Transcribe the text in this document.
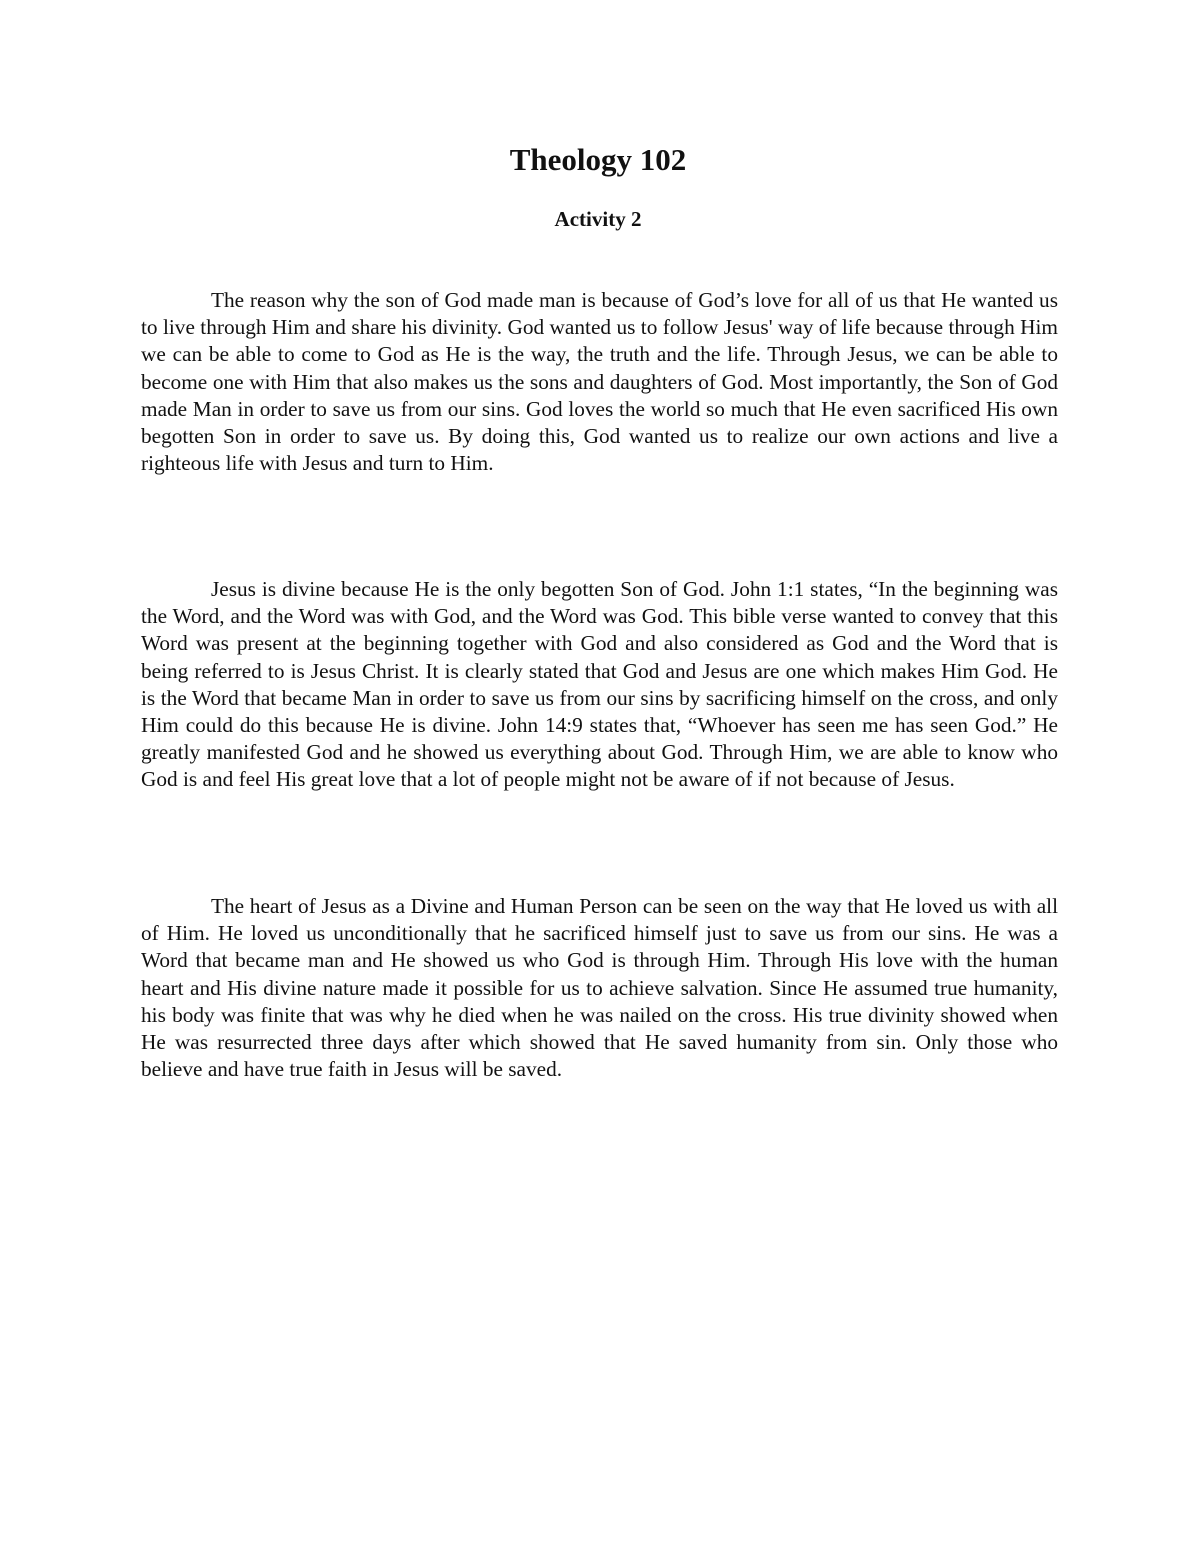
Theology 102
Activity 2

The reason why the son of God made man is because of God’s love for all of us that He wanted us to live through Him and share his divinity. God wanted us to follow Jesus' way of life because through Him we can be able to come to God as He is the way, the truth and the life. Through Jesus, we can be able to become one with Him that also makes us the sons and daughters of God. Most importantly, the Son of God made Man in order to save us from our sins. God loves the world so much that He even sacrificed His own begotten Son in order to save us. By doing this, God wanted us to realize our own actions and live a righteous life with Jesus and turn to Him.

Jesus is divine because He is the only begotten Son of God. John 1:1 states, “In the beginning was the Word, and the Word was with God, and the Word was God. This bible verse wanted to convey that this Word was present at the beginning together with God and also considered as God and the Word that is being referred to is Jesus Christ. It is clearly stated that God and Jesus are one which makes Him God. He is the Word that became Man in order to save us from our sins by sacrificing himself on the cross, and only Him could do this because He is divine. John 14:9 states that, “Whoever has seen me has seen God.” He greatly manifested God and he showed us everything about God. Through Him, we are able to know who God is and feel His great love that a lot of people might not be aware of if not because of Jesus.

The heart of Jesus as a Divine and Human Person can be seen on the way that He loved us with all of Him. He loved us unconditionally that he sacrificed himself just to save us from our sins. He was a Word that became man and He showed us who God is through Him. Through His love with the human heart and His divine nature made it possible for us to achieve salvation. Since He assumed true humanity, his body was finite that was why he died when he was nailed on the cross. His true divinity showed when He was resurrected three days after which showed that He saved humanity from sin. Only those who believe and have true faith in Jesus will be saved.
